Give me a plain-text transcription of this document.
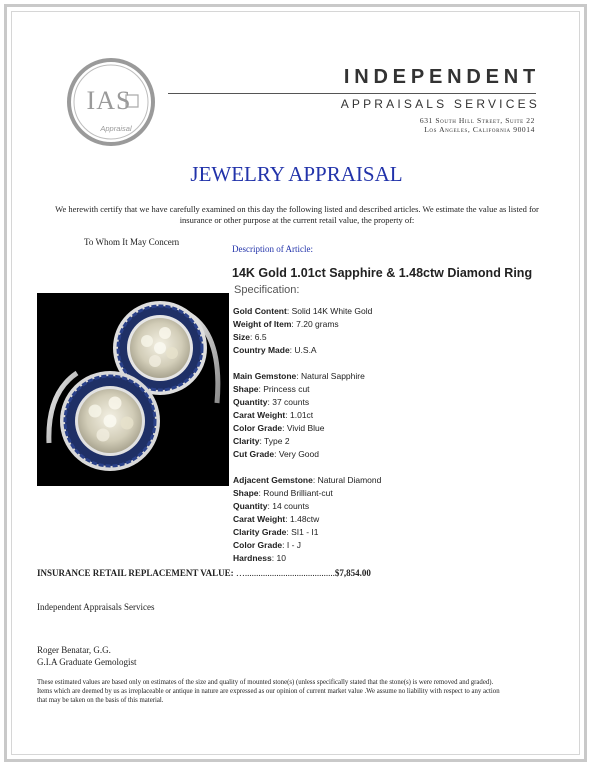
IAS
Appraisal
INDEPENDENT
APPRAISALS SERVICES
631 South Hill Street, Suite 22
Los Angeles, California 90014
JEWELRY APPRAISAL
We herewith certify that we have carefully examined on this day the following listed and described articles. We estimate the value as listed for insurance or other purpose at the current retail value, the property of:
To Whom It May Concern
Description of Article:
14K Gold 1.01ct Sapphire & 1.48ctw Diamond Ring
Specification:
Gold Content: Solid 14K White Gold
Weight of Item: 7.20 grams
Size: 6.5
Country Made: U.S.A
Main Gemstone: Natural Sapphire
Shape: Princess cut
Quantity: 37 counts
Carat Weight: 1.01ct
Color Grade: Vivid Blue
Clarity: Type 2
Cut Grade: Very Good
Adjacent Gemstone: Natural Diamond
Shape: Round Brilliant-cut
Quantity: 14 counts
Carat Weight: 1.48ctw
Clarity Grade: SI1 - I1
Color Grade: I - J
Hardness: 10
INSURANCE RETAIL REPLACEMENT VALUE: …........................................$7,854.00
Independent Appraisals Services
Roger Benatar, G.G.
G.I.A Graduate Gemologist
These estimated values are based only on estimates of the size and quality of mounted stone(s) (unless specifically stated that the stone(s) is were removed and graded). Items which are deemed by us as irreplaceable or antique in nature are expressed as our opinion of current market value .We assume no liability with respect to any action that may be taken on the basis of this material.
